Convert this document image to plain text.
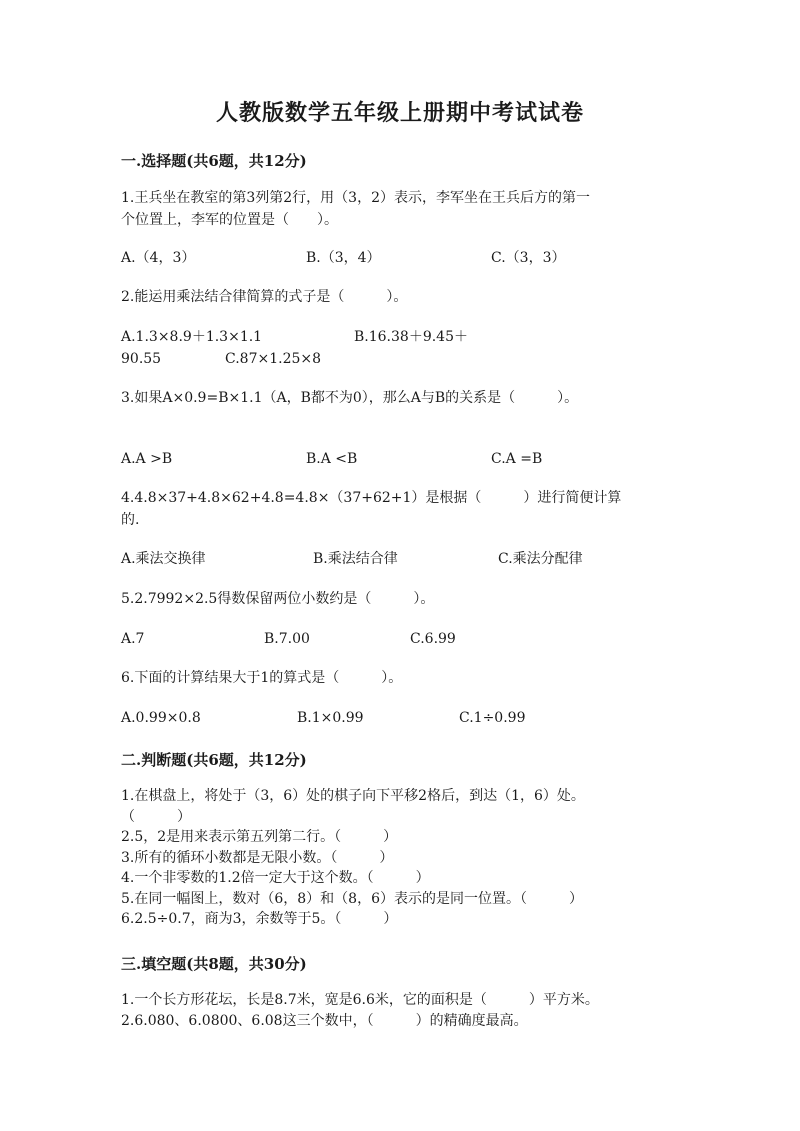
人教版数学五年级上册期中考试试卷
一.选择题(共6题，共12分)
1.王兵坐在教室的第3列第2行，用（3，2）表示，李军坐在王兵后方的第一
个位置上，李军的位置是（　　）。
A.（4，3）	B.（3，4）	C.（3，3）
2.能运用乘法结合律简算的式子是（　　　）。
A.1.3×8.9＋1.3×1.1	B.16.38＋9.45＋
90.55	C.87×1.25×8
3.如果A×0.9=B×1.1（A，B都不为0），那么A与B的关系是（　　　）。
A.A >B	B.A <B	C.A =B
4.4.8×37+4.8×62+4.8=4.8×（37+62+1）是根据（　　　）进行简便计算
的.
A.乘法交换律	B.乘法结合律	C.乘法分配律
5.2.7992×2.5得数保留两位小数约是（　　　）。
A.7	B.7.00	C.6.99
6.下面的计算结果大于1的算式是（　　　）。
A.0.99×0.8	B.1×0.99	C.1÷0.99
二.判断题(共6题，共12分)
1.在棋盘上，将处于（3，6）处的棋子向下平移2格后，到达（1，6）处。
（　　　）
2.5，2是用来表示第五列第二行。（　　　）
3.所有的循环小数都是无限小数。（　　　）
4.一个非零数的1.2倍一定大于这个数。（　　　）
5.在同一幅图上，数对（6，8）和（8，6）表示的是同一位置。（　　　）
6.2.5÷0.7，商为3，余数等于5。（　　　）
三.填空题(共8题，共30分)
1.一个长方形花坛，长是8.7米，宽是6.6米，它的面积是（　　　）平方米。
2.6.080、6.0800、6.08这三个数中，（　　　）的精确度最高。
